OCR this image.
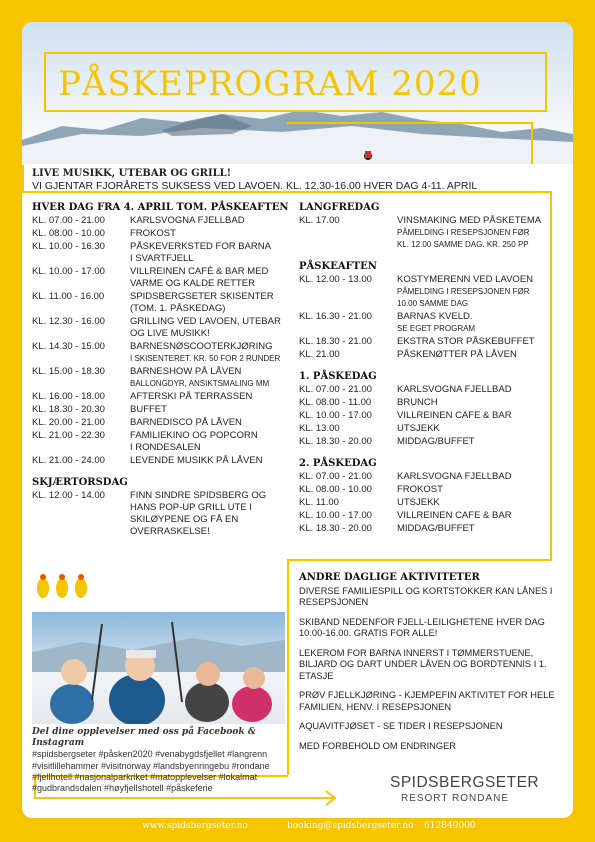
PÅSKEPROGRAM 2020
LIVE MUSIKK, UTEBAR OG GRILL!
VI GJENTAR FJORÅRETS SUKSESS VED LAVOEN. KL. 12.30-16.00 HVER DAG 4-11. APRIL
HVER DAG FRA 4. APRIL TOM. PÅSKEAFTEN
KL. 07.00 - 21.00	KARLSVOGNA FJELLBAD
KL. 08.00 - 10.00	FROKOST
KL. 10.00 - 16.30	PÅSKEVERKSTED FOR BARNA
I SVARTFJELL
KL. 10.00 - 17.00	VILLREINEN CAFÈ & BAR MED
VARME OG KALDE RETTER
KL. 11.00 - 16.00	SPIDSBERGSETER SKISENTER
(TOM. 1. PÅSKEDAG)
KL. 12.30 - 16.00	GRILLING VED LAVOEN, UTEBAR
OG LIVE MUSIKK!
KL. 14.30 - 15.00	BARNESNØSCOOTERKJØRING
I SKISENTERET. KR. 50 FOR 2 RUNDER
KL. 15.00 - 18.30	BARNESHOW PÅ LÅVEN
BALLONGDYR, ANSIKTSMALING MM
KL. 16.00 - 18.00	AFTERSKI PÅ TERRASSEN
KL. 18.30 - 20.30	BUFFET
KL. 20.00 - 21.00	BARNEDISCO PÅ LÅVEN
KL. 21.00 - 22.30	FAMILIEKINO OG POPCORN
I RONDESALEN
KL. 21.00 - 24.00	LEVENDE MUSIKK PÅ LÅVEN
SKJÆRTORSDAG
KL. 12.00 - 14.00	FINN SINDRE SPIDSBERG OG
HANS POP-UP GRILL UTE I
SKILØYPENE OG FÅ EN
OVERRASKELSE!
LANGFREDAG
KL. 17.00	VINSMAKING MED PÅSKETEMA
PÅMELDING I RESEPSJONEN FØR
KL. 12.00 SAMME DAG. KR. 250 PP
PÅSKEAFTEN
KL. 12.00 - 13.00	KOSTYMERENN VED LAVOEN
PÅMELDING I RESEPSJONEN FØR
10.00 SAMME DAG
KL. 16.30 - 21.00	BARNAS KVELD.
SE EGET PROGRAM
KL. 18.30 - 21.00	EKSTRA STOR PÅSKEBUFFET
KL. 21.00	PÅSKENØTTER PÅ LÅVEN
1. PÅSKEDAG
KL. 07.00 - 21.00	KARLSVOGNA FJELLBAD
KL. 08.00 - 11.00	BRUNCH
KL. 10.00 - 17.00	VILLREINEN CAFE & BAR
KL. 13.00	UTSJEKK
KL. 18.30 - 20.00	MIDDAG/BUFFET
2. PÅSKEDAG
KL. 07.00 - 21.00	KARLSVOGNA FJELLBAD
KL. 08.00 - 10.00	FROKOST
KL. 11.00	UTSJEKK
KL. 10.00 - 17.00	VILLREINEN CAFE & BAR
KL. 18.30 - 20.00	MIDDAG/BUFFET
Del dine opplevelser med oss på Facebook & Instagram
#spidsbergseter #påsken2020 #venabygdsfjellet #langrenn #visitlillehammer #visitnorway #landsbyenringebu #rondane #fjellhotell #nasjonalparkriket #matopplevelser #lokalmat #gudbrandsdalen #høyfjellshotell #påskeferie
ANDRE DAGLIGE AKTIVITETER

DIVERSE FAMILIESPILL OG KORTSTOKKER KAN LÅNES I RESEPSJONEN

SKIBAND NEDENFOR FJELL-LEILIGHETENE HVER DAG 10.00-16.00. GRATIS FOR ALLE!

LEKEROM FOR BARNA INNERST I TØMMERSTUENE, BILJARD OG DART UNDER LÅVEN OG BORDTENNIS I 1. ETASJE

PRØV FJELLKJØRING - KJEMPEFIN AKTIVITET FOR HELE FAMILIEN, HENV. I RESEPSJONEN

AQUAVITFJØSET - SE TIDER I RESEPSJONEN

MED FORBEHOLD OM ENDRINGER

SPIDSBERGSETER
RESORT RONDANE
www.spidsbergseter.no	booking@spidsbergseter.no 612840000
